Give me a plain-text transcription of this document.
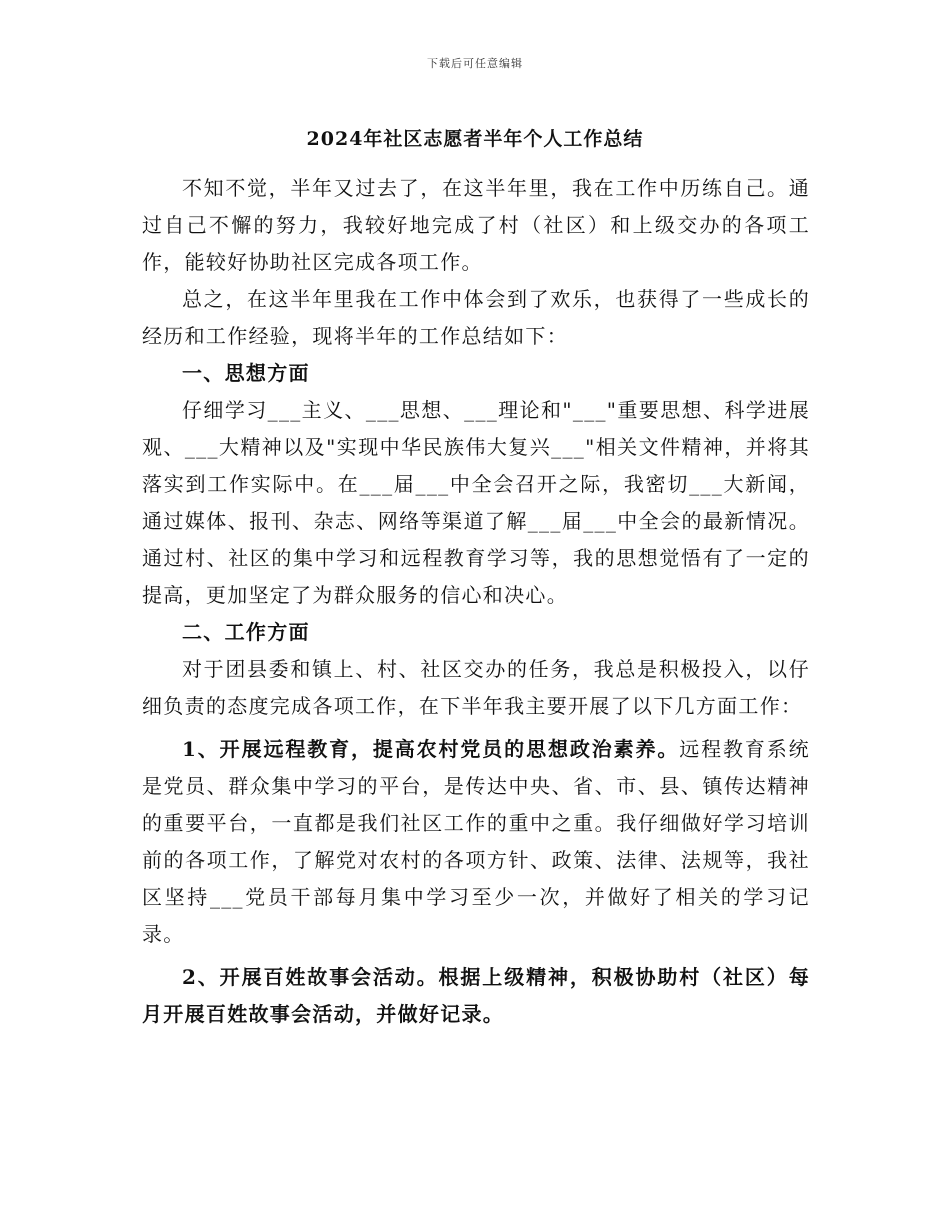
下载后可任意编辑
2024年社区志愿者半年个人工作总结

不知不觉，半年又过去了，在这半年里，我在工作中历练自己。通过自己不懈的努力，我较好地完成了村（社区）和上级交办的各项工作，能较好协助社区完成各项工作。

总之，在这半年里我在工作中体会到了欢乐，也获得了一些成长的经历和工作经验，现将半年的工作总结如下：

一、思想方面

仔细学习___主义、___思想、___理论和"___"重要思想、科学进展观、___大精神以及"实现中华民族伟大复兴___"相关文件精神，并将其落实到工作实际中。在___届___中全会召开之际，我密切___大新闻，通过媒体、报刊、杂志、网络等渠道了解___届___中全会的最新情况。通过村、社区的集中学习和远程教育学习等，我的思想觉悟有了一定的提高，更加坚定了为群众服务的信心和决心。

二、工作方面

对于团县委和镇上、村、社区交办的任务，我总是积极投入，以仔细负责的态度完成各项工作，在下半年我主要开展了以下几方面工作：

1、开展远程教育，提高农村党员的思想政治素养。远程教育系统是党员、群众集中学习的平台，是传达中央、省、市、县、镇传达精神的重要平台，一直都是我们社区工作的重中之重。我仔细做好学习培训前的各项工作，了解党对农村的各项方针、政策、法律、法规等，我社区坚持___党员干部每月集中学习至少一次，并做好了相关的学习记录。

2、开展百姓故事会活动。根据上级精神，积极协助村（社区）每月开展百姓故事会活动，并做好记录。
